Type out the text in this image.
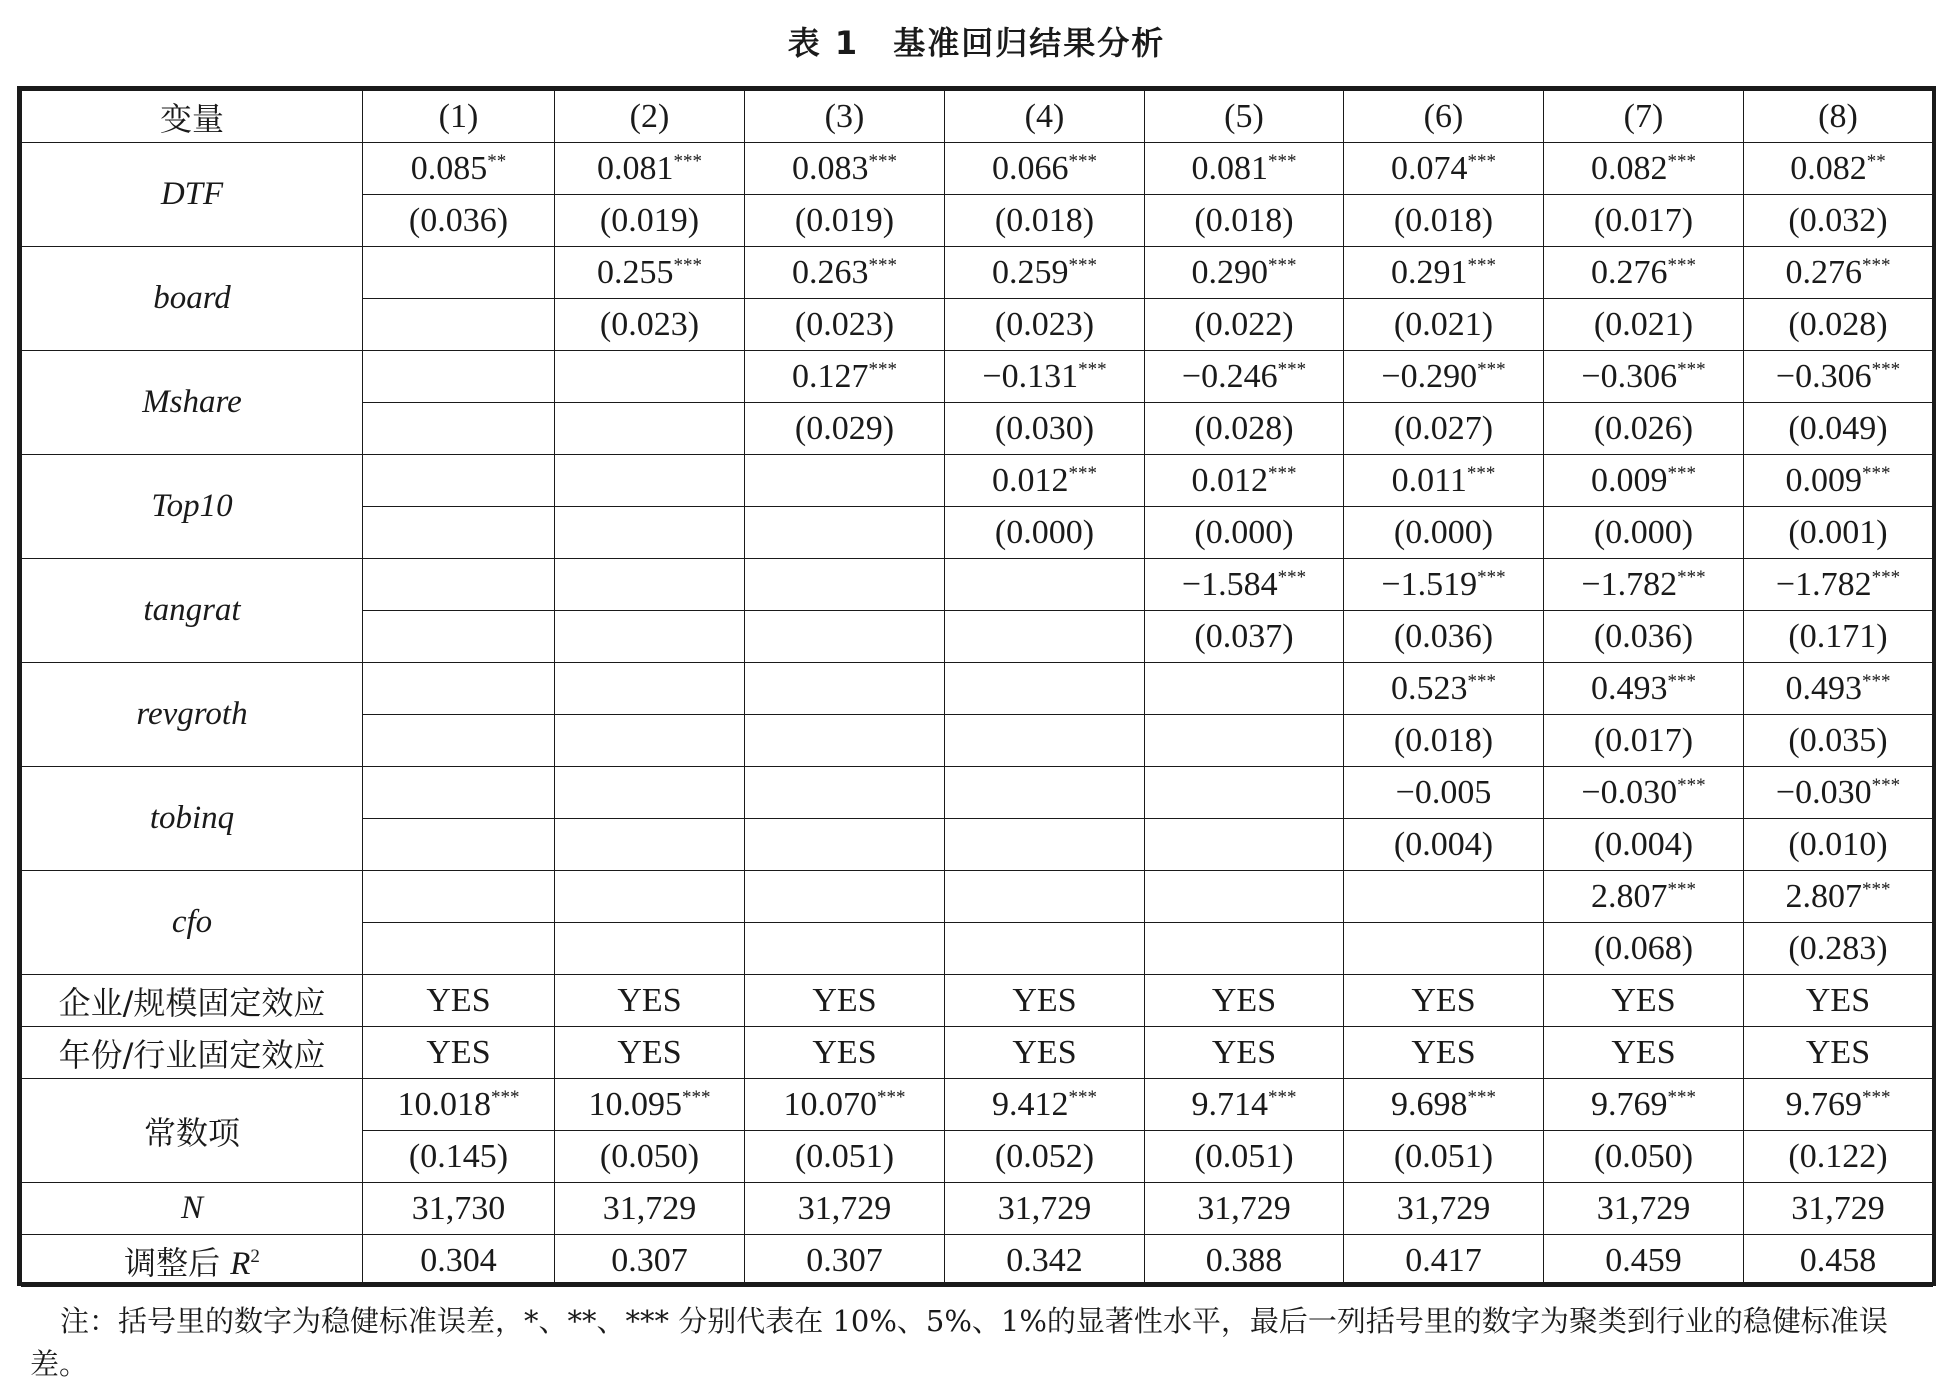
表 1　基准回归结果分析
变量	(1)	(2)	(3)	(4)	(5)	(6)	(7)	(8)
DTF	0.085**	0.081***	0.083***	0.066***	0.081***	0.074***	0.082***	0.082**
	(0.036)	(0.019)	(0.019)	(0.018)	(0.018)	(0.018)	(0.017)	(0.032)
board		0.255***	0.263***	0.259***	0.290***	0.291***	0.276***	0.276***
		(0.023)	(0.023)	(0.023)	(0.022)	(0.021)	(0.021)	(0.028)
Mshare			0.127***	−0.131***	−0.246***	−0.290***	−0.306***	−0.306***
			(0.029)	(0.030)	(0.028)	(0.027)	(0.026)	(0.049)
Top10				0.012***	0.012***	0.011***	0.009***	0.009***
				(0.000)	(0.000)	(0.000)	(0.000)	(0.001)
tangrat					−1.584***	−1.519***	−1.782***	−1.782***
					(0.037)	(0.036)	(0.036)	(0.171)
revgroth						0.523***	0.493***	0.493***
						(0.018)	(0.017)	(0.035)
tobinq						−0.005	−0.030***	−0.030***
						(0.004)	(0.004)	(0.010)
cfo							2.807***	2.807***
							(0.068)	(0.283)
企业/规模固定效应	YES	YES	YES	YES	YES	YES	YES	YES
年份/行业固定效应	YES	YES	YES	YES	YES	YES	YES	YES
常数项	10.018***	10.095***	10.070***	9.412***	9.714***	9.698***	9.769***	9.769***
	(0.145)	(0.050)	(0.051)	(0.052)	(0.051)	(0.051)	(0.050)	(0.122)
N	31,730	31,729	31,729	31,729	31,729	31,729	31,729	31,729
调整后 $R^2$	0.304	0.307	0.307	0.342	0.388	0.417	0.459	0.458
注：括号里的数字为稳健标准误差，*、**、*** 分别代表在 10%、5%、1%的显著性水平，最后一列括号里的数字为聚类到行业的稳健标准误差。
